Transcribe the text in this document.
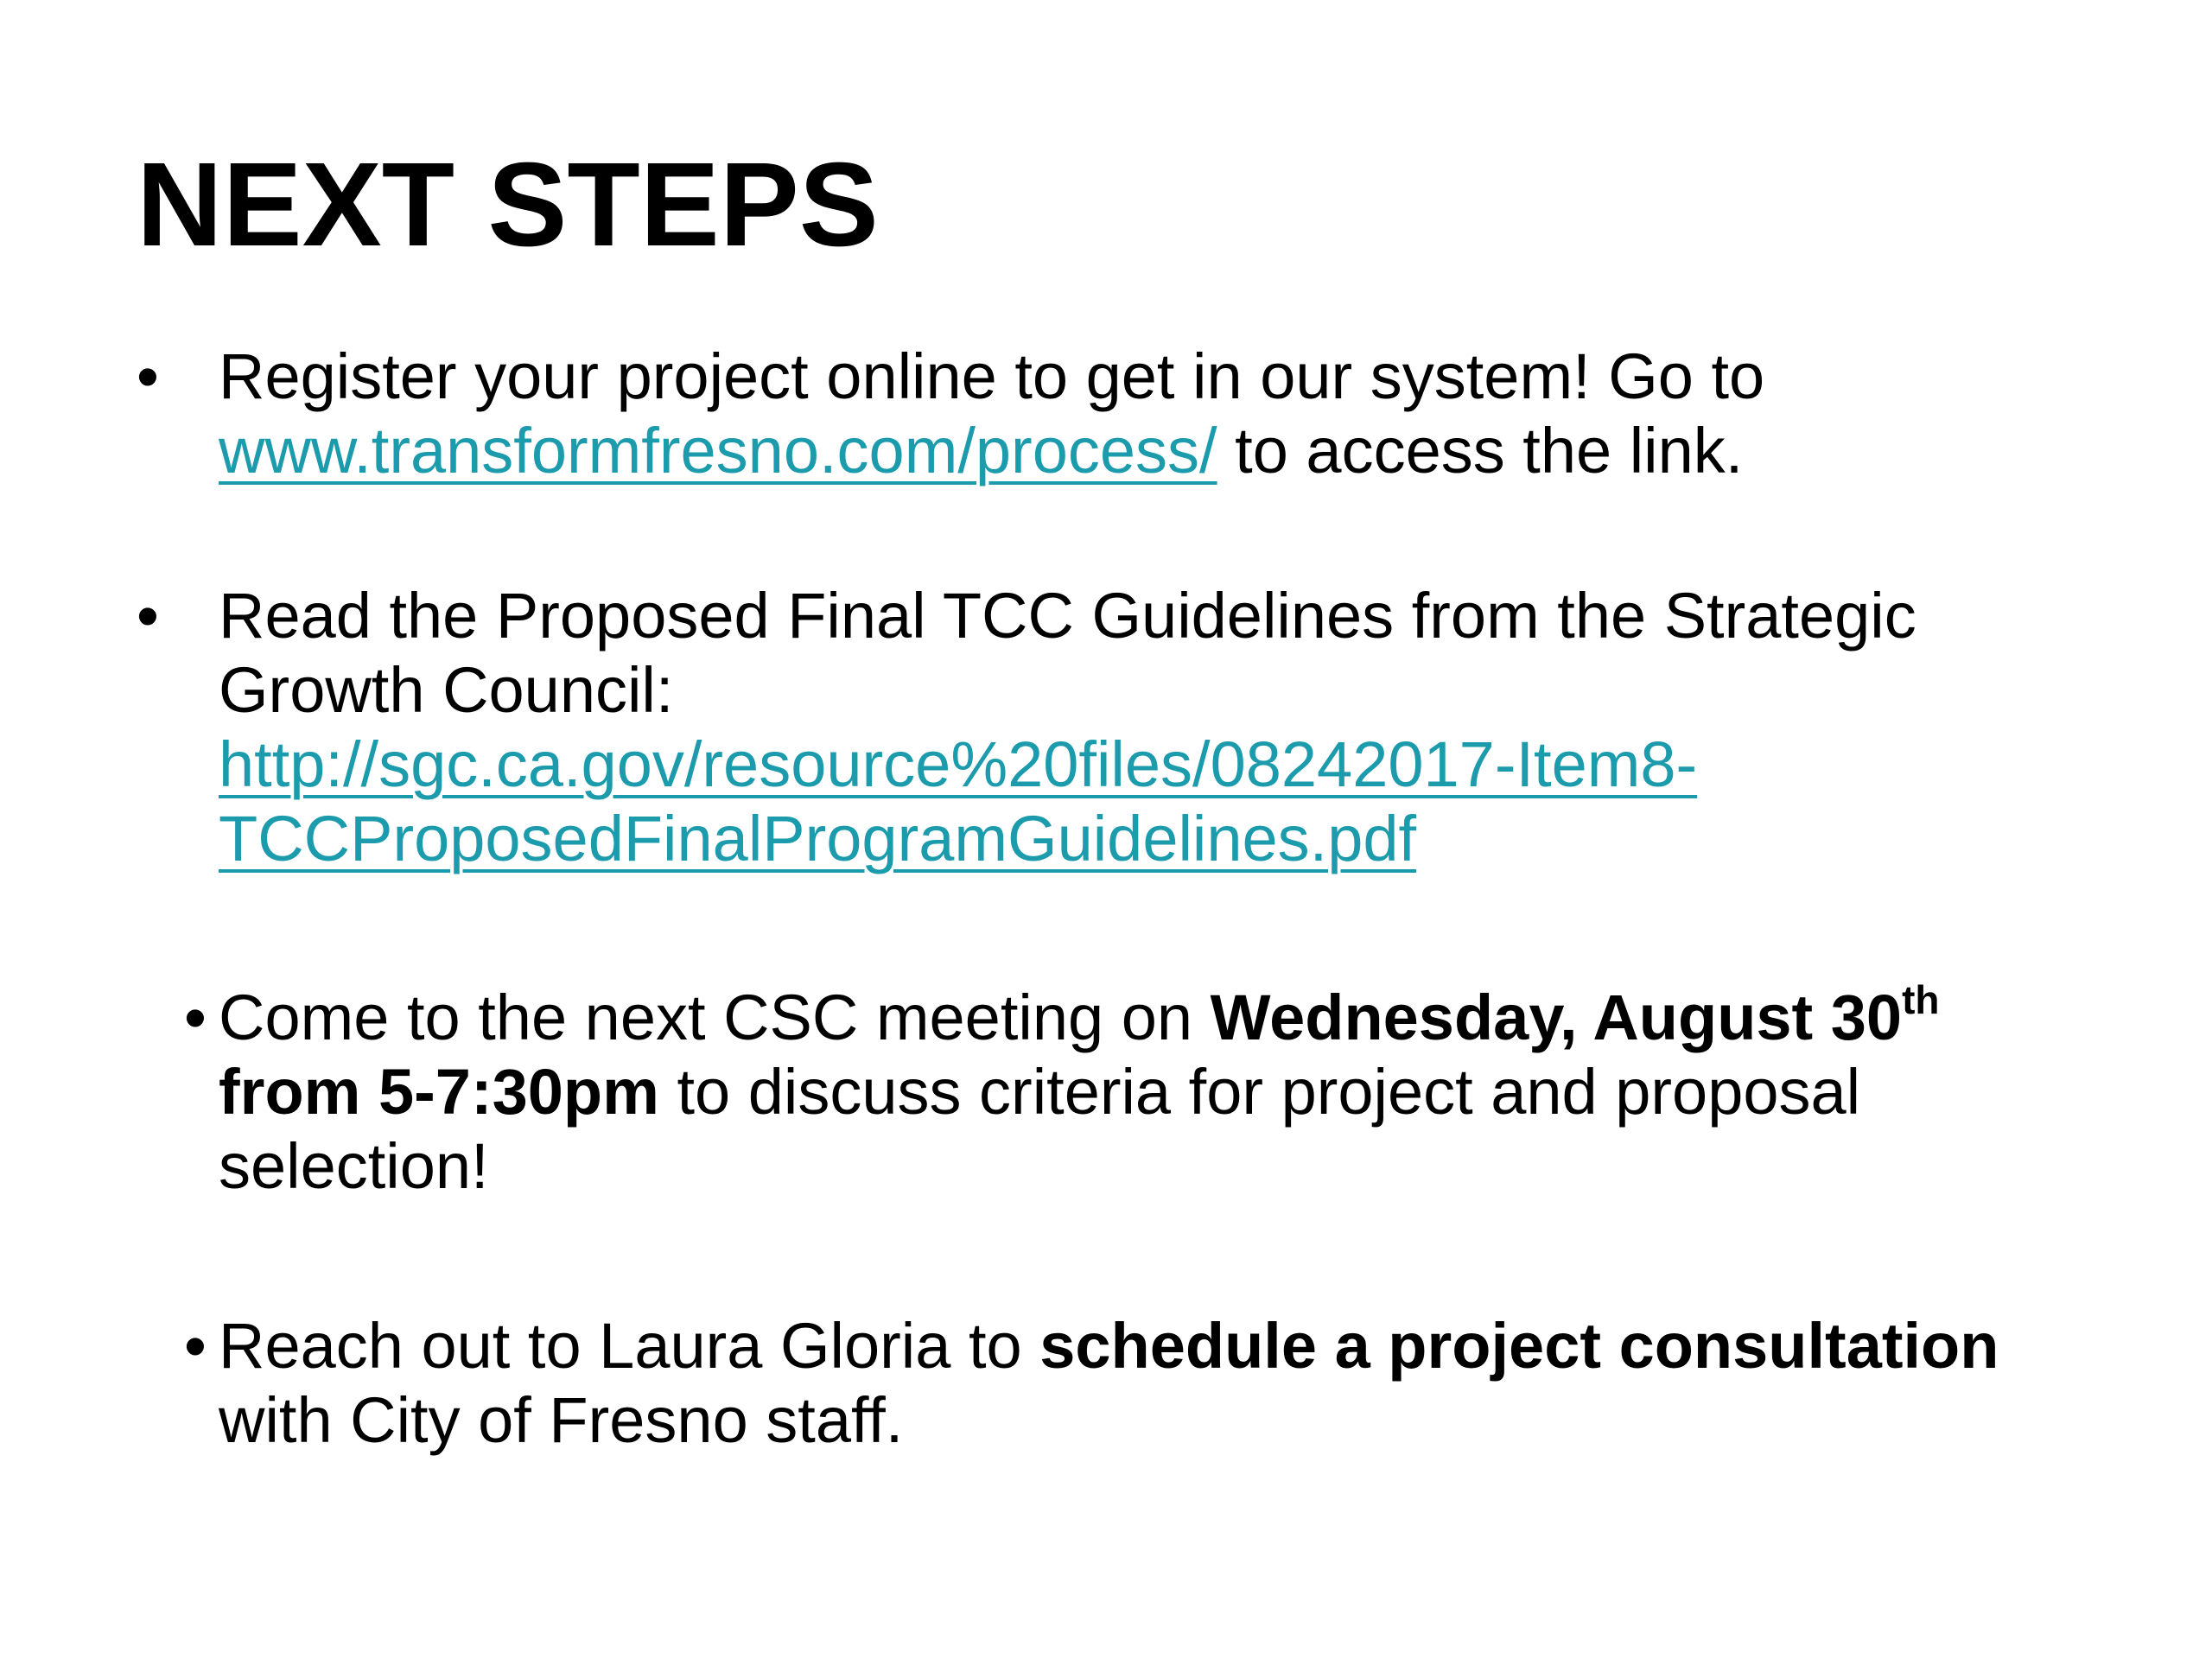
NEXT STEPS

• Register your project online to get in our system! Go to
www.transformfresno.com/process/ to access the link.

• Read the Proposed Final TCC Guidelines from the Strategic Growth Council:
http://sgc.ca.gov/resource%20files/08242017-Item8-
TCCProposedFinalProgramGuidelines.pdf

• Come to the next CSC meeting on Wednesday, August 30th
from 5-7:30pm to discuss criteria for project and proposal selection!

• Reach out to Laura Gloria to schedule a project consultation with City of Fresno staff.
